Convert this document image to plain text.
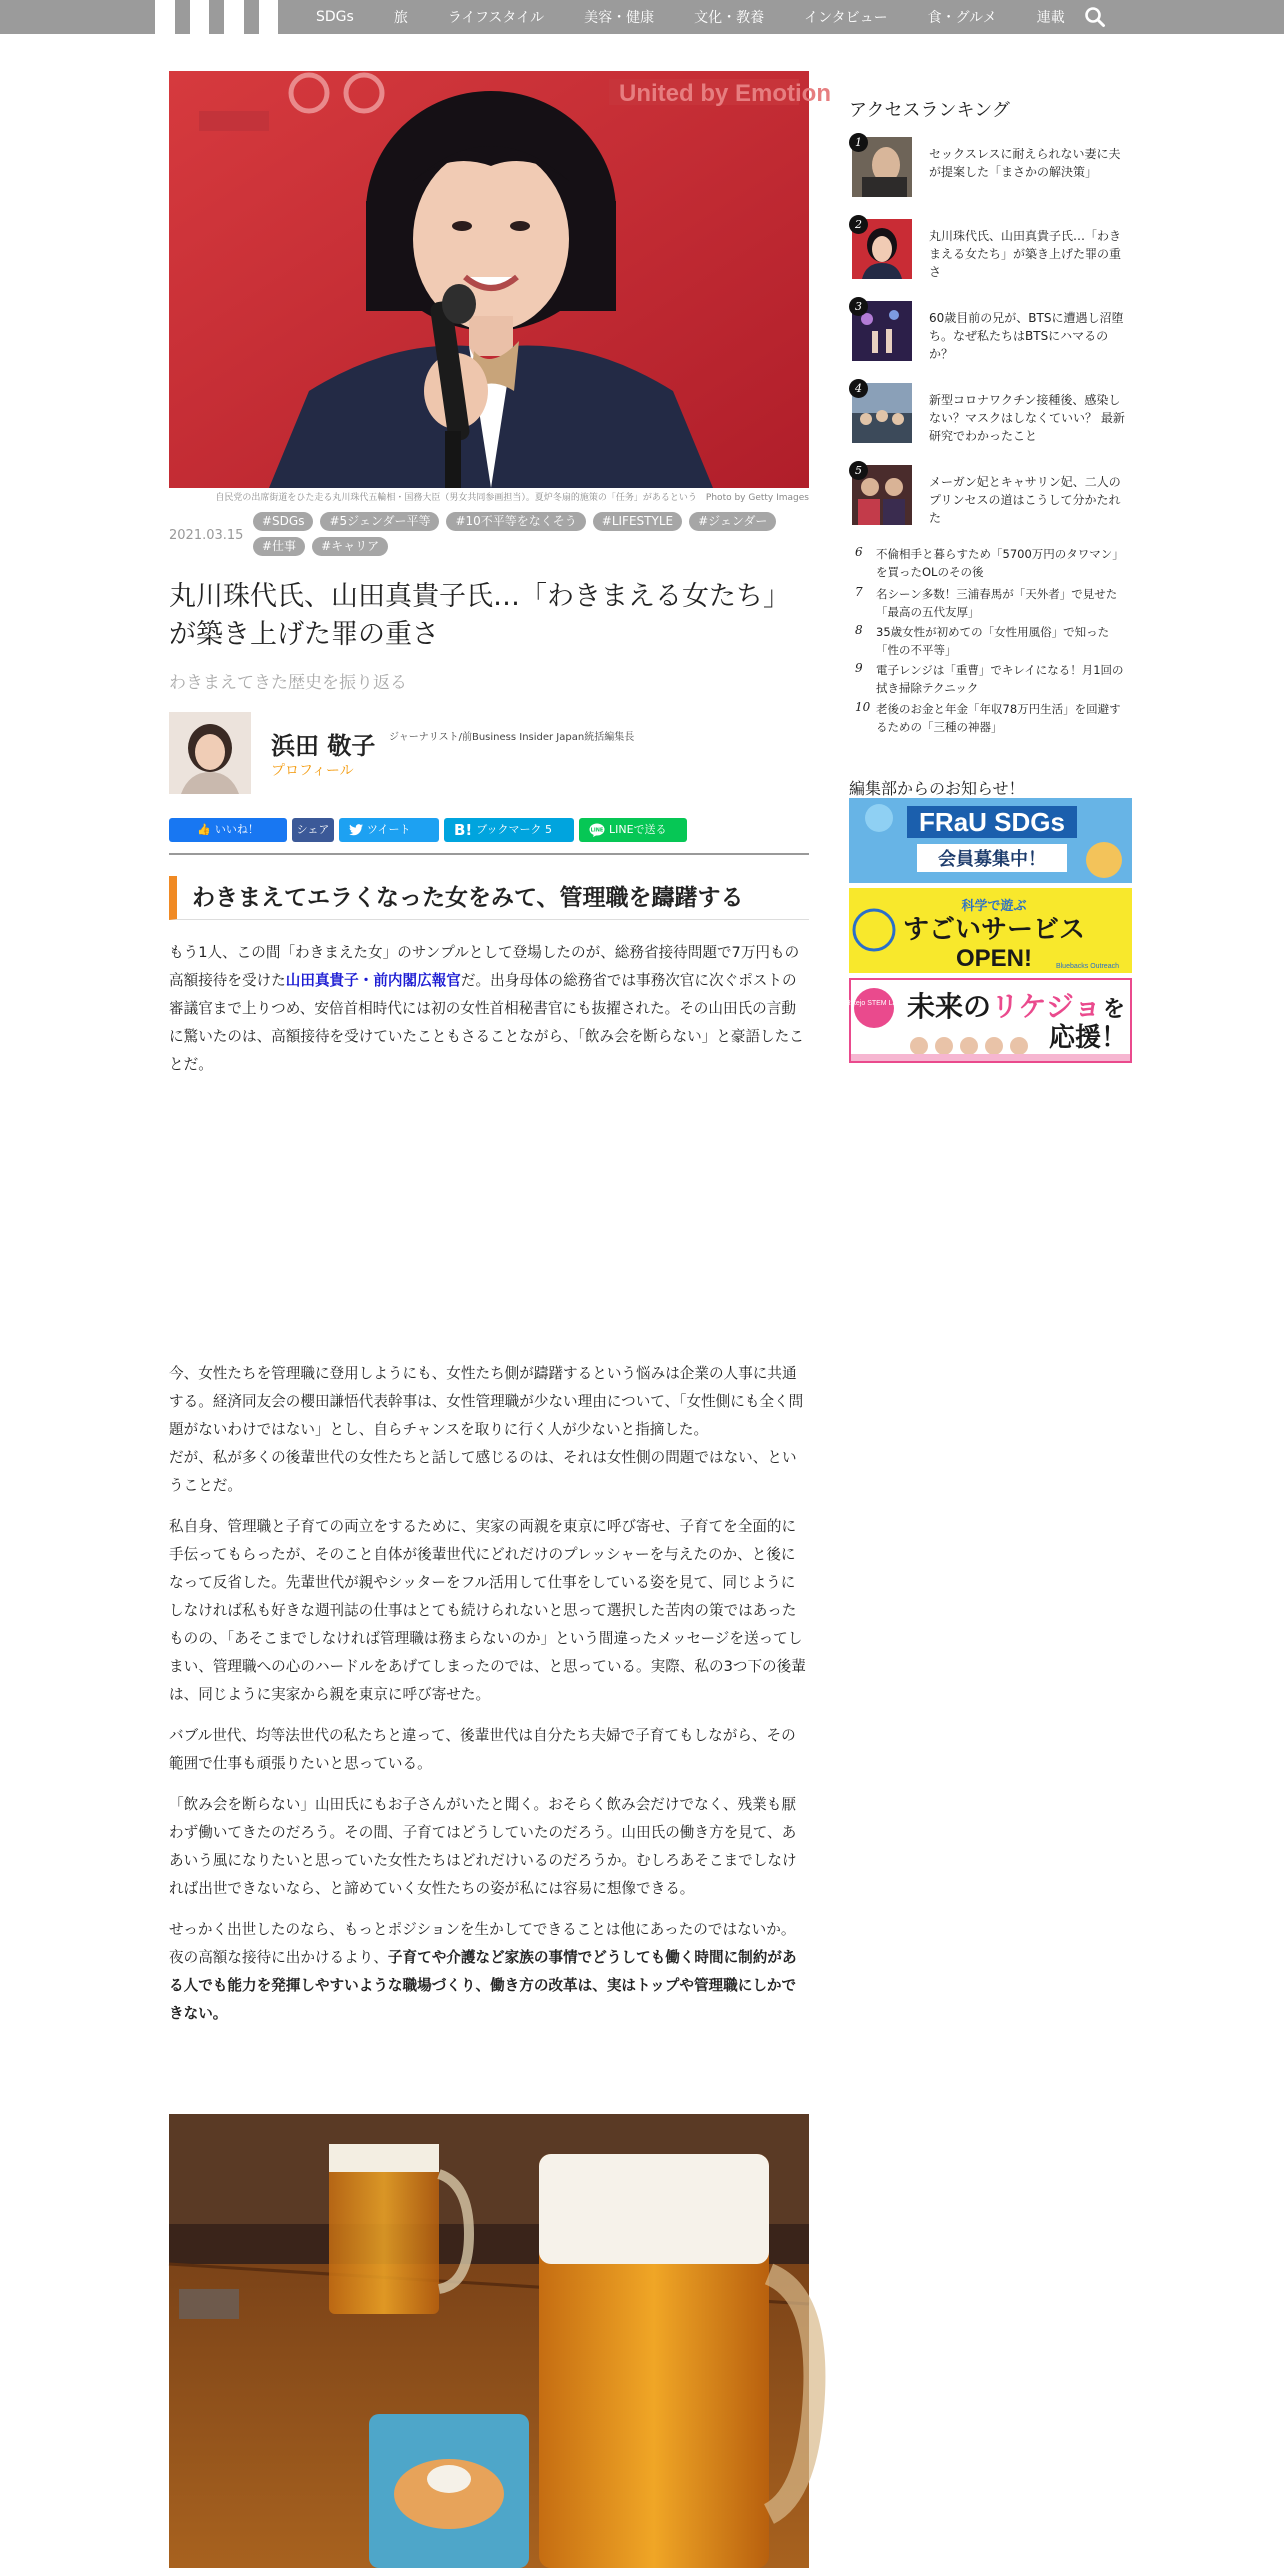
SDGs	旅	ライフスタイル	美容・健康	文化・教養	インタビュー	食・グルメ	連載
United by Emotion
自民党の出席街道をひた走る丸川珠代五輪相・国務大臣（男女共同参画担当）。夏炉冬扇的施策の「任务」があるという　Photo by Getty Images
2021.03.15
#SDGs	#5ジェンダー平等	#10不平等をなくそう	#LIFESTYLE	#ジェンダー
#仕事	#キャリア
丸川珠代氏、山田真貴子氏…「わきまえる女たち」
が築き上げた罪の重さ
わきまえてきた歴史を振り返る
浜田 敬子 ジャーナリスト/前Business Insider Japan統括編集長
プロフィール
👍 いいね！	シェア	ツイート	B! ブックマーク 5	LINE LINEで送る
わきまえてエラくなった女をみて、管理職を躊躇する

もう1人、この間「わきまえた女」のサンプルとして登場したのが、総務省接待問題で7万円もの高額接待を受けた山田真貴子・前内閣広報官だ。出身母体の総務省では事務次官に次ぐポストの審議官まで上りつめ、安倍首相時代には初の女性首相秘書官にも抜擢された。その山田氏の言動に驚いたのは、高額接待を受けていたこともさることながら、「飲み会を断らない」と豪語したことだ。

今、女性たちを管理職に登用しようにも、女性たち側が躊躇するという悩みは企業の人事に共通する。経済同友会の櫻田謙悟代表幹事は、女性管理職が少ない理由について、「女性側にも全く問題がないわけではない」とし、自らチャンスを取りに行く人が少ないと指摘した。
だが、私が多くの後輩世代の女性たちと話して感じるのは、それは女性側の問題ではない、ということだ。

私自身、管理職と子育ての両立をするために、実家の両親を東京に呼び寄せ、子育てを全面的に手伝ってもらったが、そのこと自体が後輩世代にどれだけのプレッシャーを与えたのか、と後になって反省した。先輩世代が親やシッターをフル活用して仕事をしている姿を見て、同じようにしなければ私も好きな週刊誌の仕事はとても続けられないと思って選択した苦肉の策ではあったものの、「あそこまでしなければ管理職は務まらないのか」という間違ったメッセージを送ってしまい、管理職への心のハードルをあげてしまったのでは、と思っている。実際、私の3つ下の後輩は、同じように実家から親を東京に呼び寄せた。

バブル世代、均等法世代の私たちと違って、後輩世代は自分たち夫婦で子育てもしながら、その範囲で仕事も頑張りたいと思っている。

「飲み会を断らない」山田氏にもお子さんがいたと聞く。おそらく飲み会だけでなく、残業も厭わず働いてきたのだろう。その間、子育てはどうしていたのだろう。山田氏の働き方を見て、ああいう風になりたいと思っていた女性たちはどれだけいるのだろうか。むしろあそこまでしなければ出世できないなら、と諦めていく女性たちの姿が私には容易に想像できる。

せっかく出世したのなら、もっとポジションを生かしてできることは他にあったのではないか。夜の高額な接待に出かけるより、子育てや介護など家族の事情でどうしても働く時間に制約がある人でも能力を発揮しやすいような職場づくり、働き方の改革は、実はトップや管理職にしかできない。

アクセスランキング
1
セックスレスに耐えられない妻に夫が提案した「まさかの解決策」
2
丸川珠代氏、山田真貴子氏…「わきまえる女たち」が築き上げた罪の重さ
3
60歳目前の兄が、BTSに遭遇し沼堕ち。なぜ私たちはBTSにハマるのか？
4
新型コロナワクチン接種後、感染しない？マスクはしなくていい？ 最新研究でわかったこと
5
メーガン妃とキャサリン妃、二人のプリンセスの道はこうして分かたれた
6 不倫相手と暮らすため「5700万円のタワマン」を買ったOLのその後
7 名シーン多数！三浦春馬が「天外者」で見せた「最高の五代友厚」
8 35歳女性が初めての「女性用風俗」で知った「性の不平等」
9 電子レンジは「重曹」でキレイになる！月1回の拭き掃除テクニック
10 老後のお金と年金「年収78万円生活」を回避するための「三種の神器」
編集部からのお知らせ！
FRaU SDGs
会員募集中！
科学で遊ぶ
すごいサービス
OPEN!	Bluebacks Outreach
Rikejo STEM Lab. 未来の リケジョ を
応援！
